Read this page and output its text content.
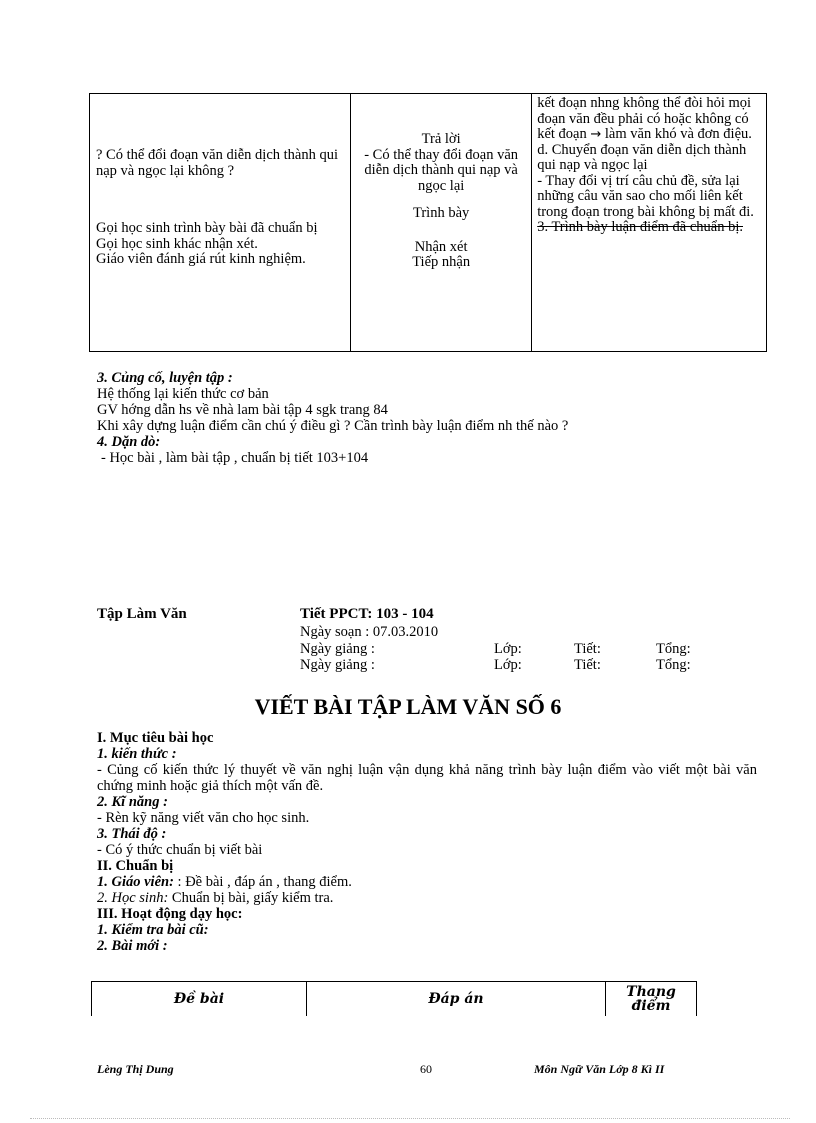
? Có thể đổi đoạn văn diễn dịch thành qui nạp và ngọc lại không ?
Gọi học sinh trình bày bài đã chuẩn bị
Gọi học sinh khác nhận xét.
Giáo viên đánh giá rút kinh nghiệm.

Trả lời
- Có thể thay đổi đoạn văn diễn dịch thành qui nạp và ngọc lại
Trình bày
Nhận xét
Tiếp nhận

kết đoạn nhng không thể đòi hỏi mọi đoạn văn đều phải có hoặc không có kết đoạn → làm văn khó và đơn điệu.
d. Chuyển đoạn văn diễn dịch thành qui nạp và ngọc lại
- Thay đổi vị trí câu chủ đề, sửa lại những câu văn sao cho mối liên kết trong đoạn trong bài không bị mất đi.
3. Trình bày luận điểm đã chuẩn bị.
3. Củng cố, luyện tập :
Hệ thống lại kiến thức cơ bản
GV hớng dẫn hs về nhà lam bài tập 4 sgk trang 84
Khi xây dựng luận điểm cần chú ý điều gì ? Cần trình bày luận điểm nh thế nào ?
4. Dặn dò:
- Học bài , làm bài tập , chuẩn bị tiết 103+104
Tập Làm Văn	Tiết PPCT: 103 - 104
Ngày soạn : 07.03.2010
Ngày giảng :	Lớp:	Tiết:	Tổng:
Ngày giảng :	Lớp:	Tiết:	Tổng:
VIẾT BÀI TẬP LÀM VĂN SỐ 6
I. Mục tiêu bài học
1. kiến thức :
- Củng cố kiến thức lý thuyết về văn nghị luận vận dụng khả năng trình bày luận điểm vào viết một bài văn chứng minh hoặc giả thích một vấn đề.
2. Kĩ năng :
- Rèn kỹ năng viết văn cho học sinh.
3. Thái độ :
- Có ý thức chuẩn bị viết bài
II. Chuẩn bị
1. Giáo viên: : Đề bài , đáp án , thang điểm.
2. Học sinh: Chuẩn bị bài, giấy kiểm tra.
III. Hoạt động dạy học:
1. Kiểm tra bài cũ:
2. Bài mới :
Đề bài	Đáp án	Thang điểm
Lèng Thị Dung	60	Môn Ngữ Văn Lớp 8 Kì II
